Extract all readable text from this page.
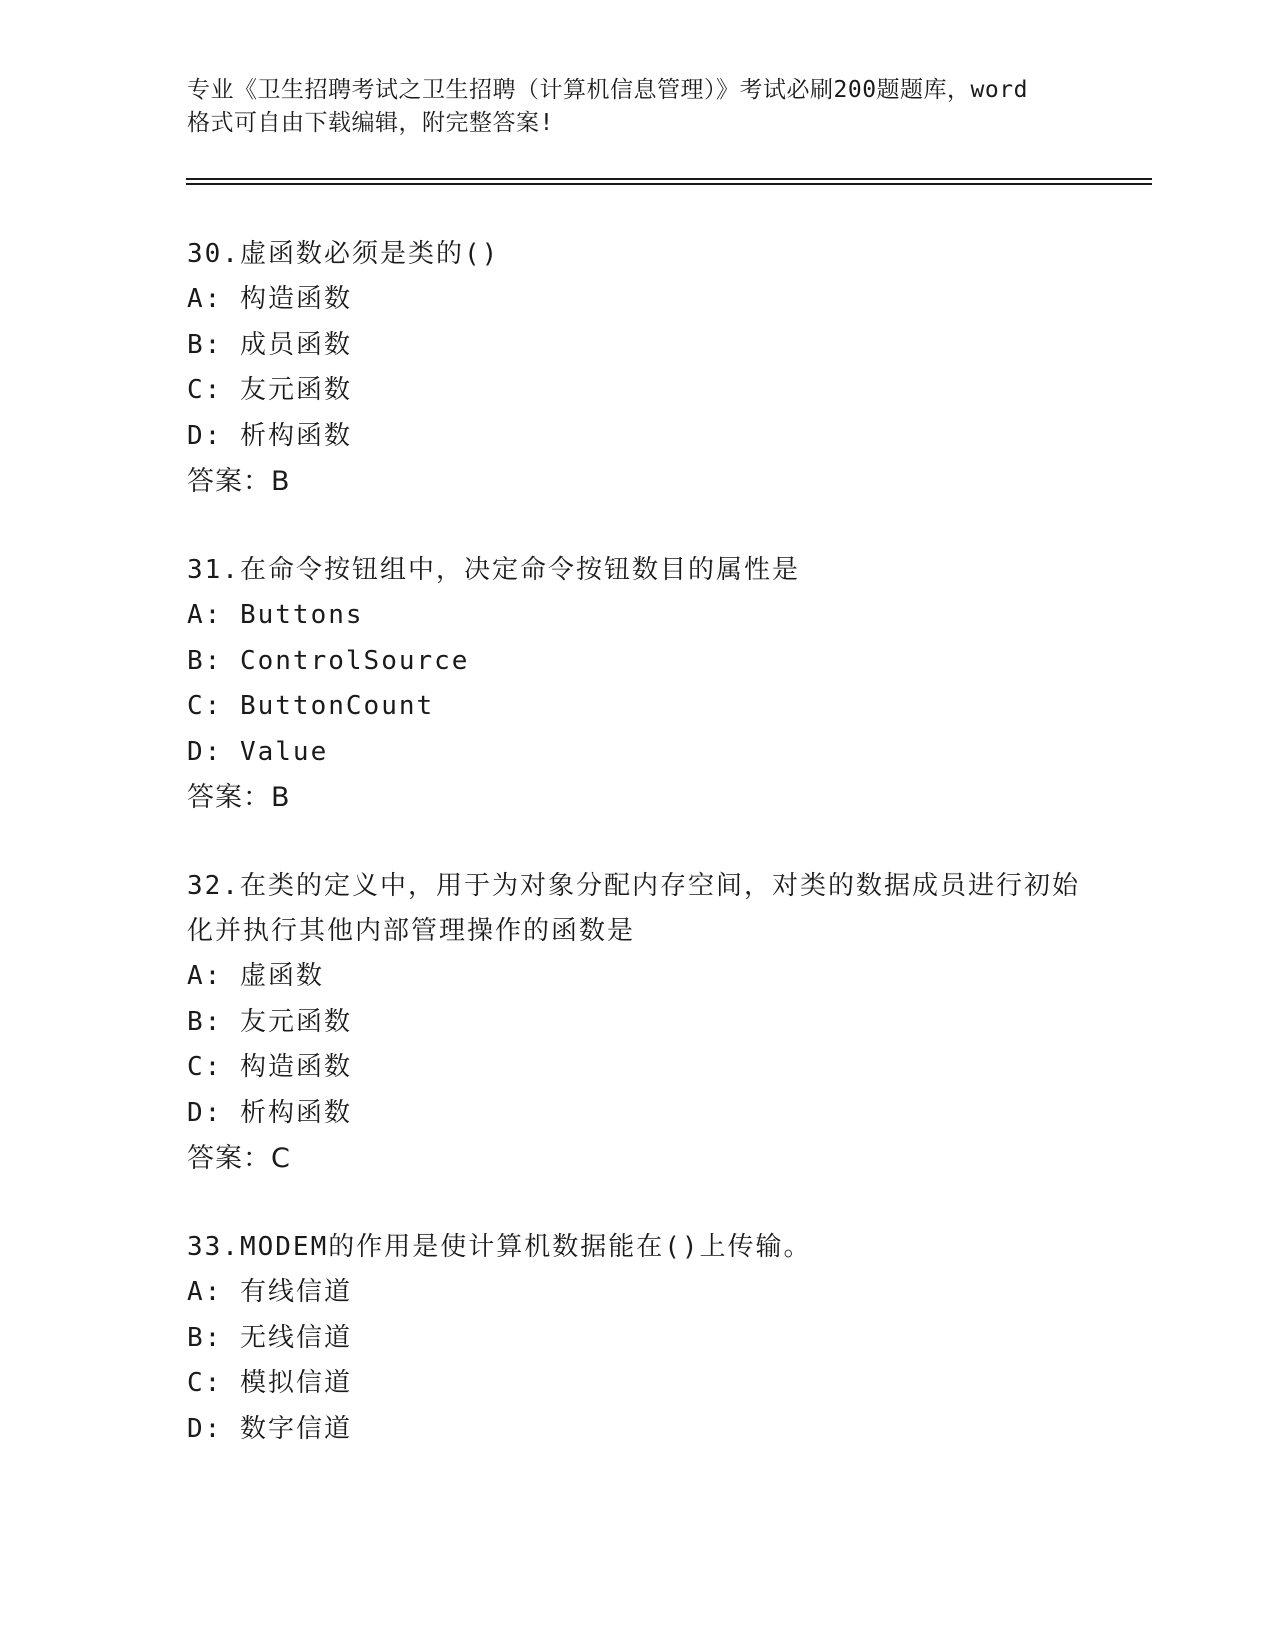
专业《卫生招聘考试之卫生招聘（计算机信息管理）》考试必刷200题题库，word
格式可自由下载编辑，附完整答案!

30.虚函数必须是类的()

A: 构造函数
B: 成员函数
C: 友元函数
D: 析构函数

答案：B

31.在命令按钮组中，决定命令按钮数目的属性是

A: Buttons
B: ControlSource
C: ButtonCount
D: Value

答案：B

32.在类的定义中，用于为对象分配内存空间，对类的数据成员进行初始化并执行其他内部管理操作的函数是

A: 虚函数
B: 友元函数
C: 构造函数
D: 析构函数

答案：C

33.MODEM的作用是使计算机数据能在()上传输。

A: 有线信道
B: 无线信道
C: 模拟信道
D: 数字信道
